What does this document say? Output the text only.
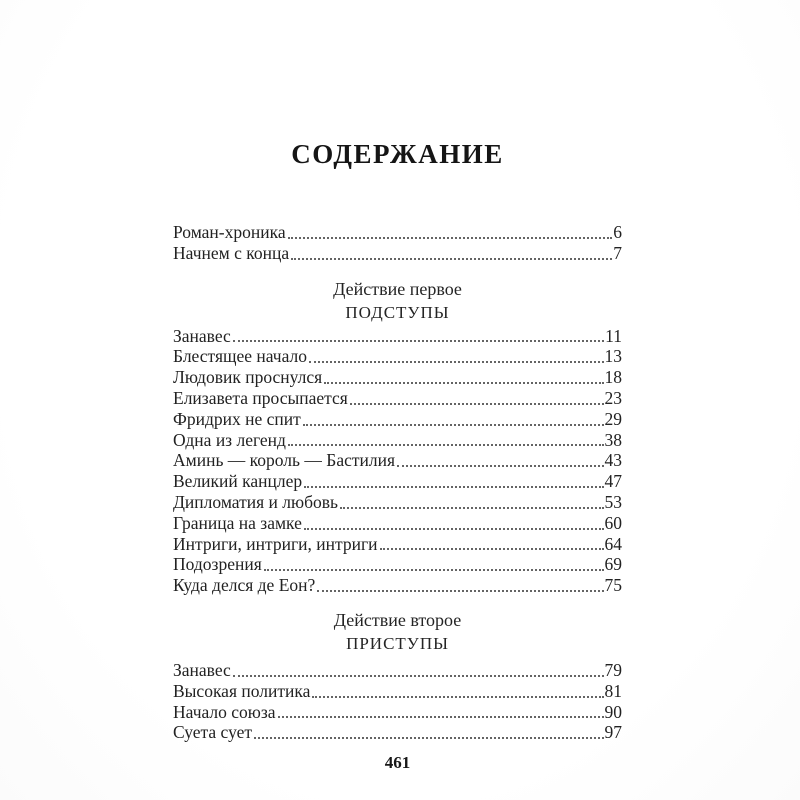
СОДЕРЖАНИЕ
Роман-хроника	6
Начнем с конца	7
Действие первое
ПОДСТУПЫ
Занавес	11
Блестящее начало	13
Людовик проснулся	18
Елизавета просыпается	23
Фридрих не спит	29
Одна из легенд	38
Аминь — король — Бастилия	43
Великий канцлер	47
Дипломатия и любовь	53
Граница на замке	60
Интриги, интриги, интриги	64
Подозрения	69
Куда делся де Еон?	75
Действие второе
ПРИСТУПЫ
Занавес	79
Высокая политика	81
Начало союза	90
Суета сует	97
461
